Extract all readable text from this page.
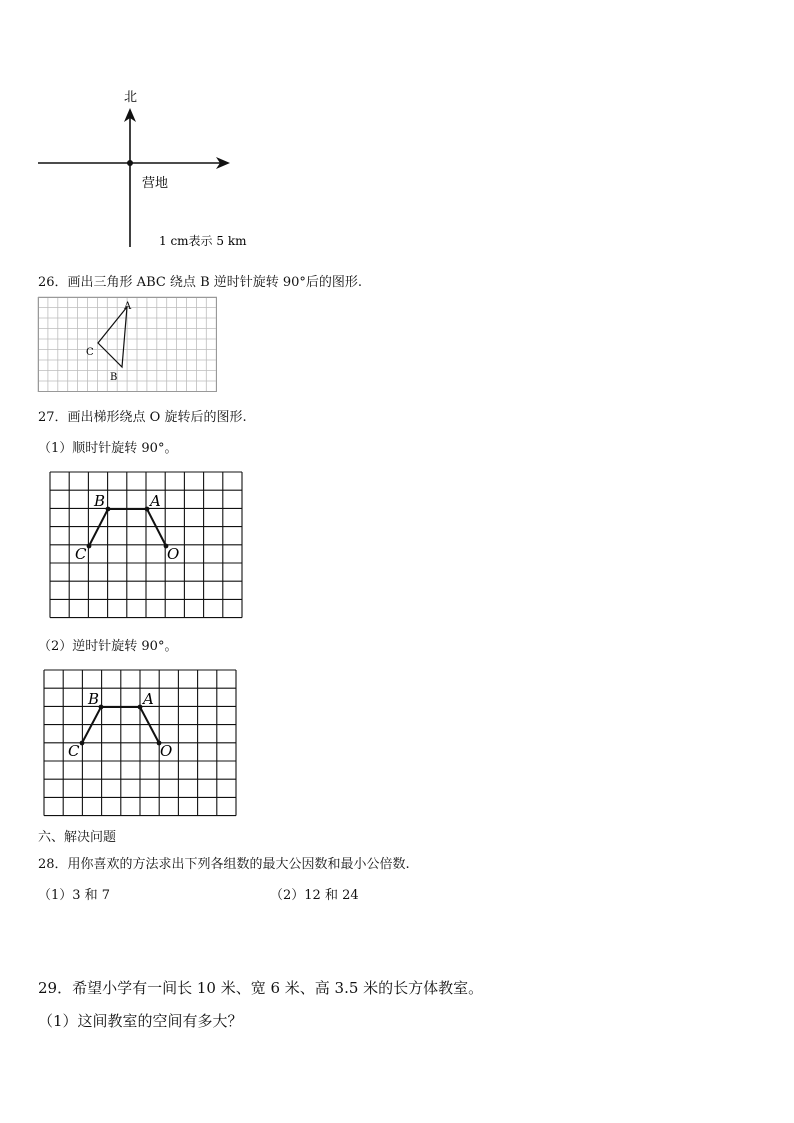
北
营地
1 cm表示 5 km
26．画出三角形 ABC 绕点 B 逆时针旋转 90°后的图形.
A
C
B
27．画出梯形绕点 O 旋转后的图形.
（1）顺时针旋转 90°。
B	A
C	O
（2）逆时针旋转 90°。
B	A
C	O
六、解决问题
28．用你喜欢的方法求出下列各组数的最大公因数和最小公倍数.
（1）3 和 7	（2）12 和 24
29．希望小学有一间长 10 米、宽 6 米、高 3.5 米的长方体教室。
（1）这间教室的空间有多大？
